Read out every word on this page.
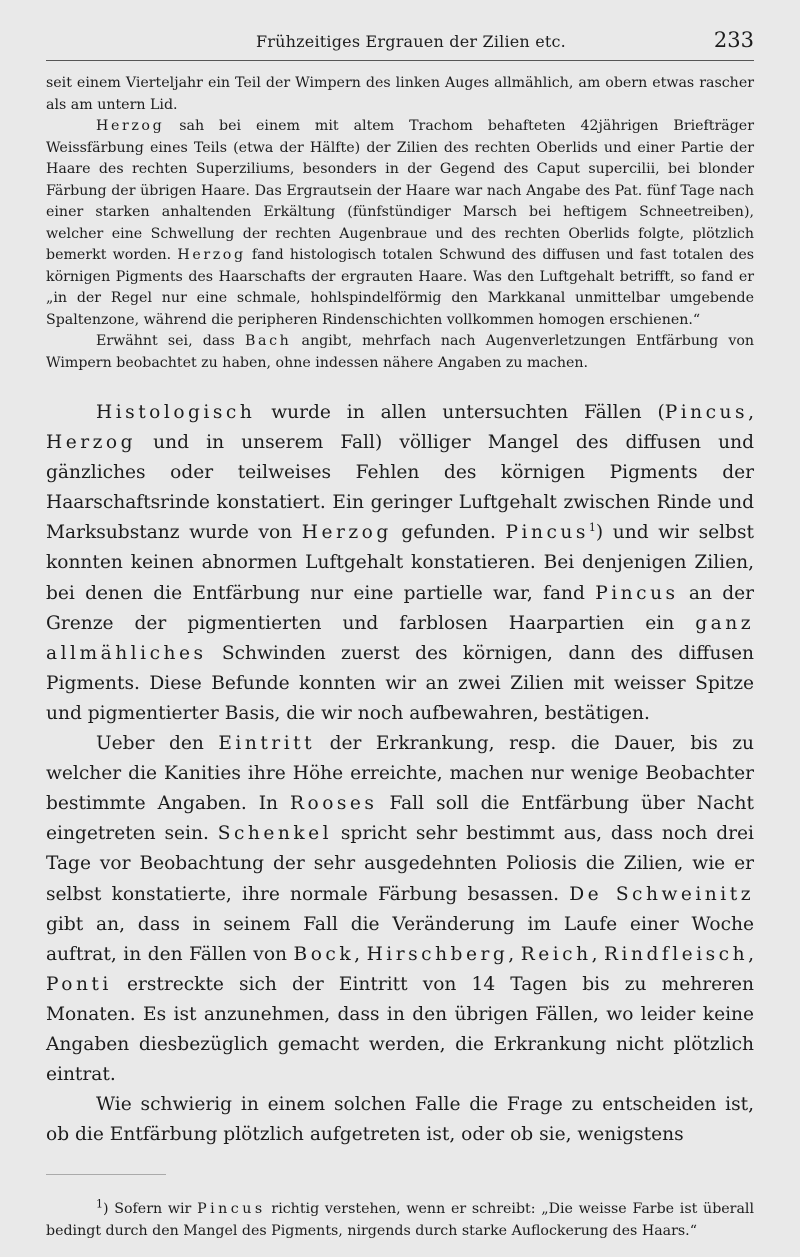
Frühzeitiges Ergrauen der Zilien etc.	233

seit einem Vierteljahr ein Teil der Wimpern des linken Auges allmählich, am obern etwas rascher als am untern Lid.

Herzog sah bei einem mit altem Trachom behafteten 42jährigen Briefträger Weissfärbung eines Teils (etwa der Hälfte) der Zilien des rechten Oberlids und einer Partie der Haare des rechten Superziliums, besonders in der Gegend des Caput supercilii, bei blonder Färbung der übrigen Haare. Das Ergrautsein der Haare war nach Angabe des Pat. fünf Tage nach einer starken anhaltenden Erkältung (fünfstündiger Marsch bei heftigem Schneetreiben), welcher eine Schwellung der rechten Augenbraue und des rechten Oberlids folgte, plötzlich bemerkt worden. Herzog fand histologisch totalen Schwund des diffusen und fast totalen des körnigen Pigments des Haarschafts der ergrauten Haare. Was den Luftgehalt betrifft, so fand er „in der Regel nur eine schmale, hohlspindelförmig den Markkanal unmittelbar umgebende Spaltenzone, während die peripheren Rindenschichten vollkommen homogen erschienen.“

Erwähnt sei, dass Bach angibt, mehrfach nach Augenverletzungen Entfärbung von Wimpern beobachtet zu haben, ohne indessen nähere Angaben zu machen.

Histologisch wurde in allen untersuchten Fällen (Pincus, Herzog und in unserem Fall) völliger Mangel des diffusen und gänzliches oder teilweises Fehlen des körnigen Pigments der Haarschaftsrinde konstatiert. Ein geringer Luftgehalt zwischen Rinde und Marksubstanz wurde von Herzog gefunden. Pincus$^1$) und wir selbst konnten keinen abnormen Luftgehalt konstatieren. Bei denjenigen Zilien, bei denen die Entfärbung nur eine partielle war, fand Pincus an der Grenze der pigmentierten und farblosen Haarpartien ein ganz allmähliches Schwinden zuerst des körnigen, dann des diffusen Pigments. Diese Befunde konnten wir an zwei Zilien mit weisser Spitze und pigmentierter Basis, die wir noch aufbewahren, bestätigen.

Ueber den Eintritt der Erkrankung, resp. die Dauer, bis zu welcher die Kanities ihre Höhe erreichte, machen nur wenige Beobachter bestimmte Angaben. In Rooses Fall soll die Entfärbung über Nacht eingetreten sein. Schenkel spricht sehr bestimmt aus, dass noch drei Tage vor Beobachtung der sehr ausgedehnten Poliosis die Zilien, wie er selbst konstatierte, ihre normale Färbung besassen. De Schweinitz gibt an, dass in seinem Fall die Veränderung im Laufe einer Woche auftrat, in den Fällen von Bock, Hirschberg, Reich, Rindfleisch, Ponti erstreckte sich der Eintritt von 14 Tagen bis zu mehreren Monaten. Es ist anzunehmen, dass in den übrigen Fällen, wo leider keine Angaben diesbezüglich gemacht werden, die Erkrankung nicht plötzlich eintrat.

Wie schwierig in einem solchen Falle die Frage zu entscheiden ist, ob die Entfärbung plötzlich aufgetreten ist, oder ob sie, wenigstens

$^1$) Sofern wir Pincus richtig verstehen, wenn er schreibt: „Die weisse Farbe ist überall bedingt durch den Mangel des Pigments, nirgends durch starke Auflockerung des Haars.“
